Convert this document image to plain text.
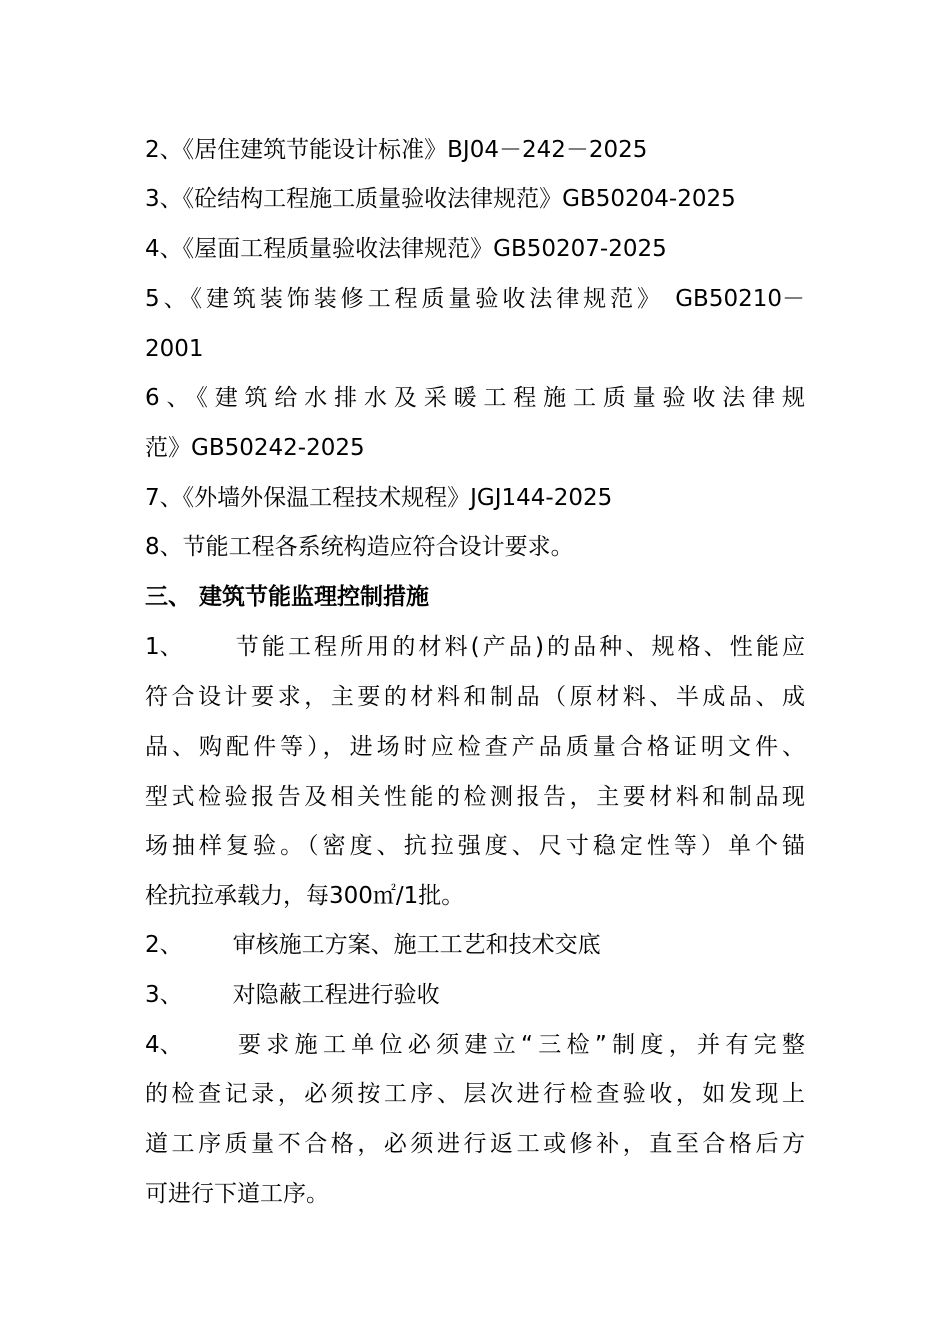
2、《居住建筑节能设计标准》BJ04－242－2025
3、《砼结构工程施工质量验收法律规范》GB50204-2025
4、《屋面工程质量验收法律规范》GB50207-2025
5、《建筑装饰装修工程质量验收法律规范》 GB50210－
2001
6、《建筑给水排水及采暖工程施工质量验收法律规
范》GB50242-2025
7、《外墙外保温工程技术规程》JGJ144-2025
8、节能工程各系统构造应符合设计要求。
三、 建筑节能监理控制措施
1、 节能工程所用的材料(产品)的品种、规格、性能应
符合设计要求，主要的材料和制品（原材料、半成品、成
品、购配件等），进场时应检查产品质量合格证明文件、
型式检验报告及相关性能的检测报告，主要材料和制品现
场抽样复验。（密度、抗拉强度、尺寸稳定性等）单个锚
栓抗拉承载力，每300㎡/1批。
2、 审核施工方案、施工工艺和技术交底
3、 对隐蔽工程进行验收
4、 要求施工单位必须建立“三检”制度，并有完整
的检查记录，必须按工序、层次进行检查验收，如发现上
道工序质量不合格，必须进行返工或修补，直至合格后方
可进行下道工序。
